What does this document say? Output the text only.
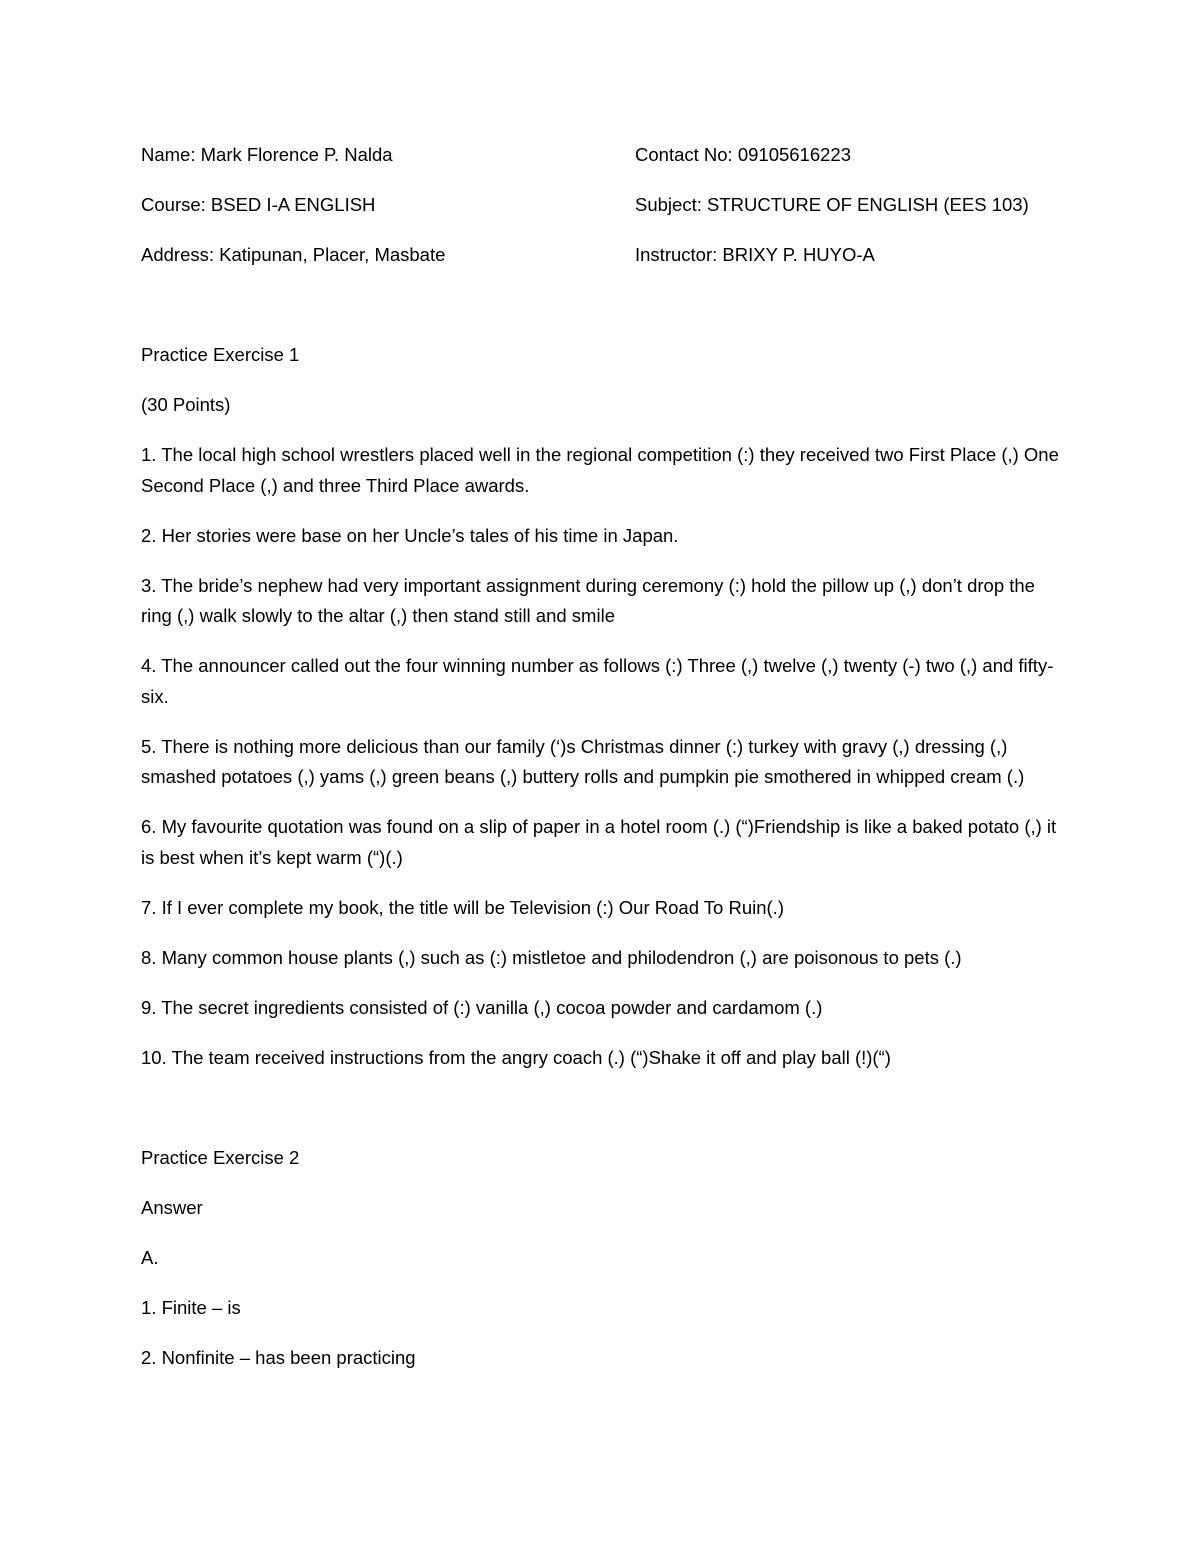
Name: Mark Florence P. Nalda	Contact No: 09105616223
Course: BSED I-A ENGLISH	Subject: STRUCTURE OF ENGLISH (EES 103)
Address: Katipunan, Placer, Masbate	Instructor: BRIXY P. HUYO-A

Practice Exercise 1

(30 Points)

1. The local high school wrestlers placed well in the regional competition (:) they received two First Place (,) One Second Place (,) and three Third Place awards.

2. Her stories were base on her Uncle’s tales of his time in Japan.

3. The bride’s nephew had very important assignment during ceremony (:) hold the pillow up (,) don’t drop the ring (,) walk slowly to the altar (,) then stand still and smile

4. The announcer called out the four winning number as follows (:) Three (,) twelve (,) twenty (-) two (,) and fifty-six.

5. There is nothing more delicious than our family (‘)s Christmas dinner (:) turkey with gravy (,) dressing (,) smashed potatoes (,) yams (,) green beans (,) buttery rolls and pumpkin pie smothered in whipped cream (.)

6. My favourite quotation was found on a slip of paper in a hotel room (.) (“)Friendship is like a baked potato (,) it is best when it’s kept warm (“)(.)

7. If I ever complete my book, the title will be Television (:) Our Road To Ruin(.)

8. Many common house plants (,) such as (:) mistletoe and philodendron (,) are poisonous to pets (.)

9. The secret ingredients consisted of (:) vanilla (,) cocoa powder and cardamom (.)

10. The team received instructions from the angry coach (.) (“)Shake it off and play ball (!)(“)

Practice Exercise 2

Answer

A.

1. Finite – is

2. Nonfinite – has been practicing
